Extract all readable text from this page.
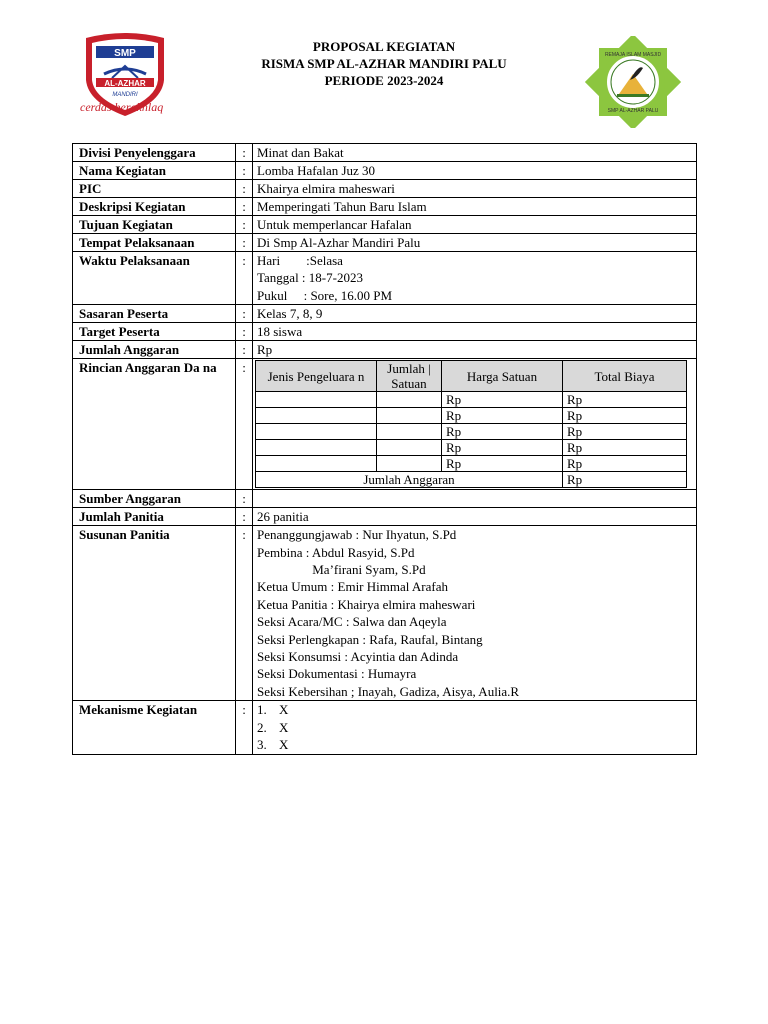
SMP
AL-AZHAR
MANDIRI
cerdas berakhlaq
PROPOSAL KEGIATAN
RISMA SMP AL-AZHAR MANDIRI PALU
PERIODE 2023-2024
REMAJA ISLAM MASJID
SMP AL-AZHAR PALU
Divisi Penyelenggara	:	Minat dan Bakat
Nama Kegiatan	:	Lomba Hafalan Juz 30
PIC	:	Khairya elmira maheswari
Deskripsi Kegiatan	:	Memperingati Tahun Baru Islam
Tujuan Kegiatan	:	Untuk memperlancar Hafalan
Tempat Pelaksanaan	:	Di Smp Al-Azhar Mandiri Palu
Waktu Pelaksanaan	:	Hari        :Selasa
Tanggal : 18-7-2023
Pukul     : Sore, 16.00 PM

Sasaran Peserta	:	Kelas 7, 8, 9
Target Peserta	:	18 siswa
Jumlah Anggaran	:	Rp
Rincian Anggaran Da na	:	
Jenis Pengeluara n	Jumlah | Satuan	Harga Satuan	Total Biaya
		Rp	Rp
		Rp	Rp
		Rp	Rp
		Rp	Rp
		Rp	Rp
Jumlah Anggaran	Rp

Sumber Anggaran	:	
Jumlah Panitia	:	26 panitia
Susunan Panitia	:	Penanggungjawab : Nur Ihyatun, S.Pd
Pembina : Abdul Rasyid, S.Pd
Ma’firani Syam, S.Pd
Ketua Umum : Emir Himmal Arafah
Ketua Panitia : Khairya elmira maheswari
Seksi Acara/MC : Salwa dan Aqeyla
Seksi Perlengkapan : Rafa, Raufal, Bintang
Seksi Konsumsi : Acyintia dan Adinda
Seksi Dokumentasi : Humayra
Seksi Kebersihan ; Inayah, Gadiza, Aisya, Aulia.R

Mekanisme Kegiatan	:	1. X
2. X
3. X
